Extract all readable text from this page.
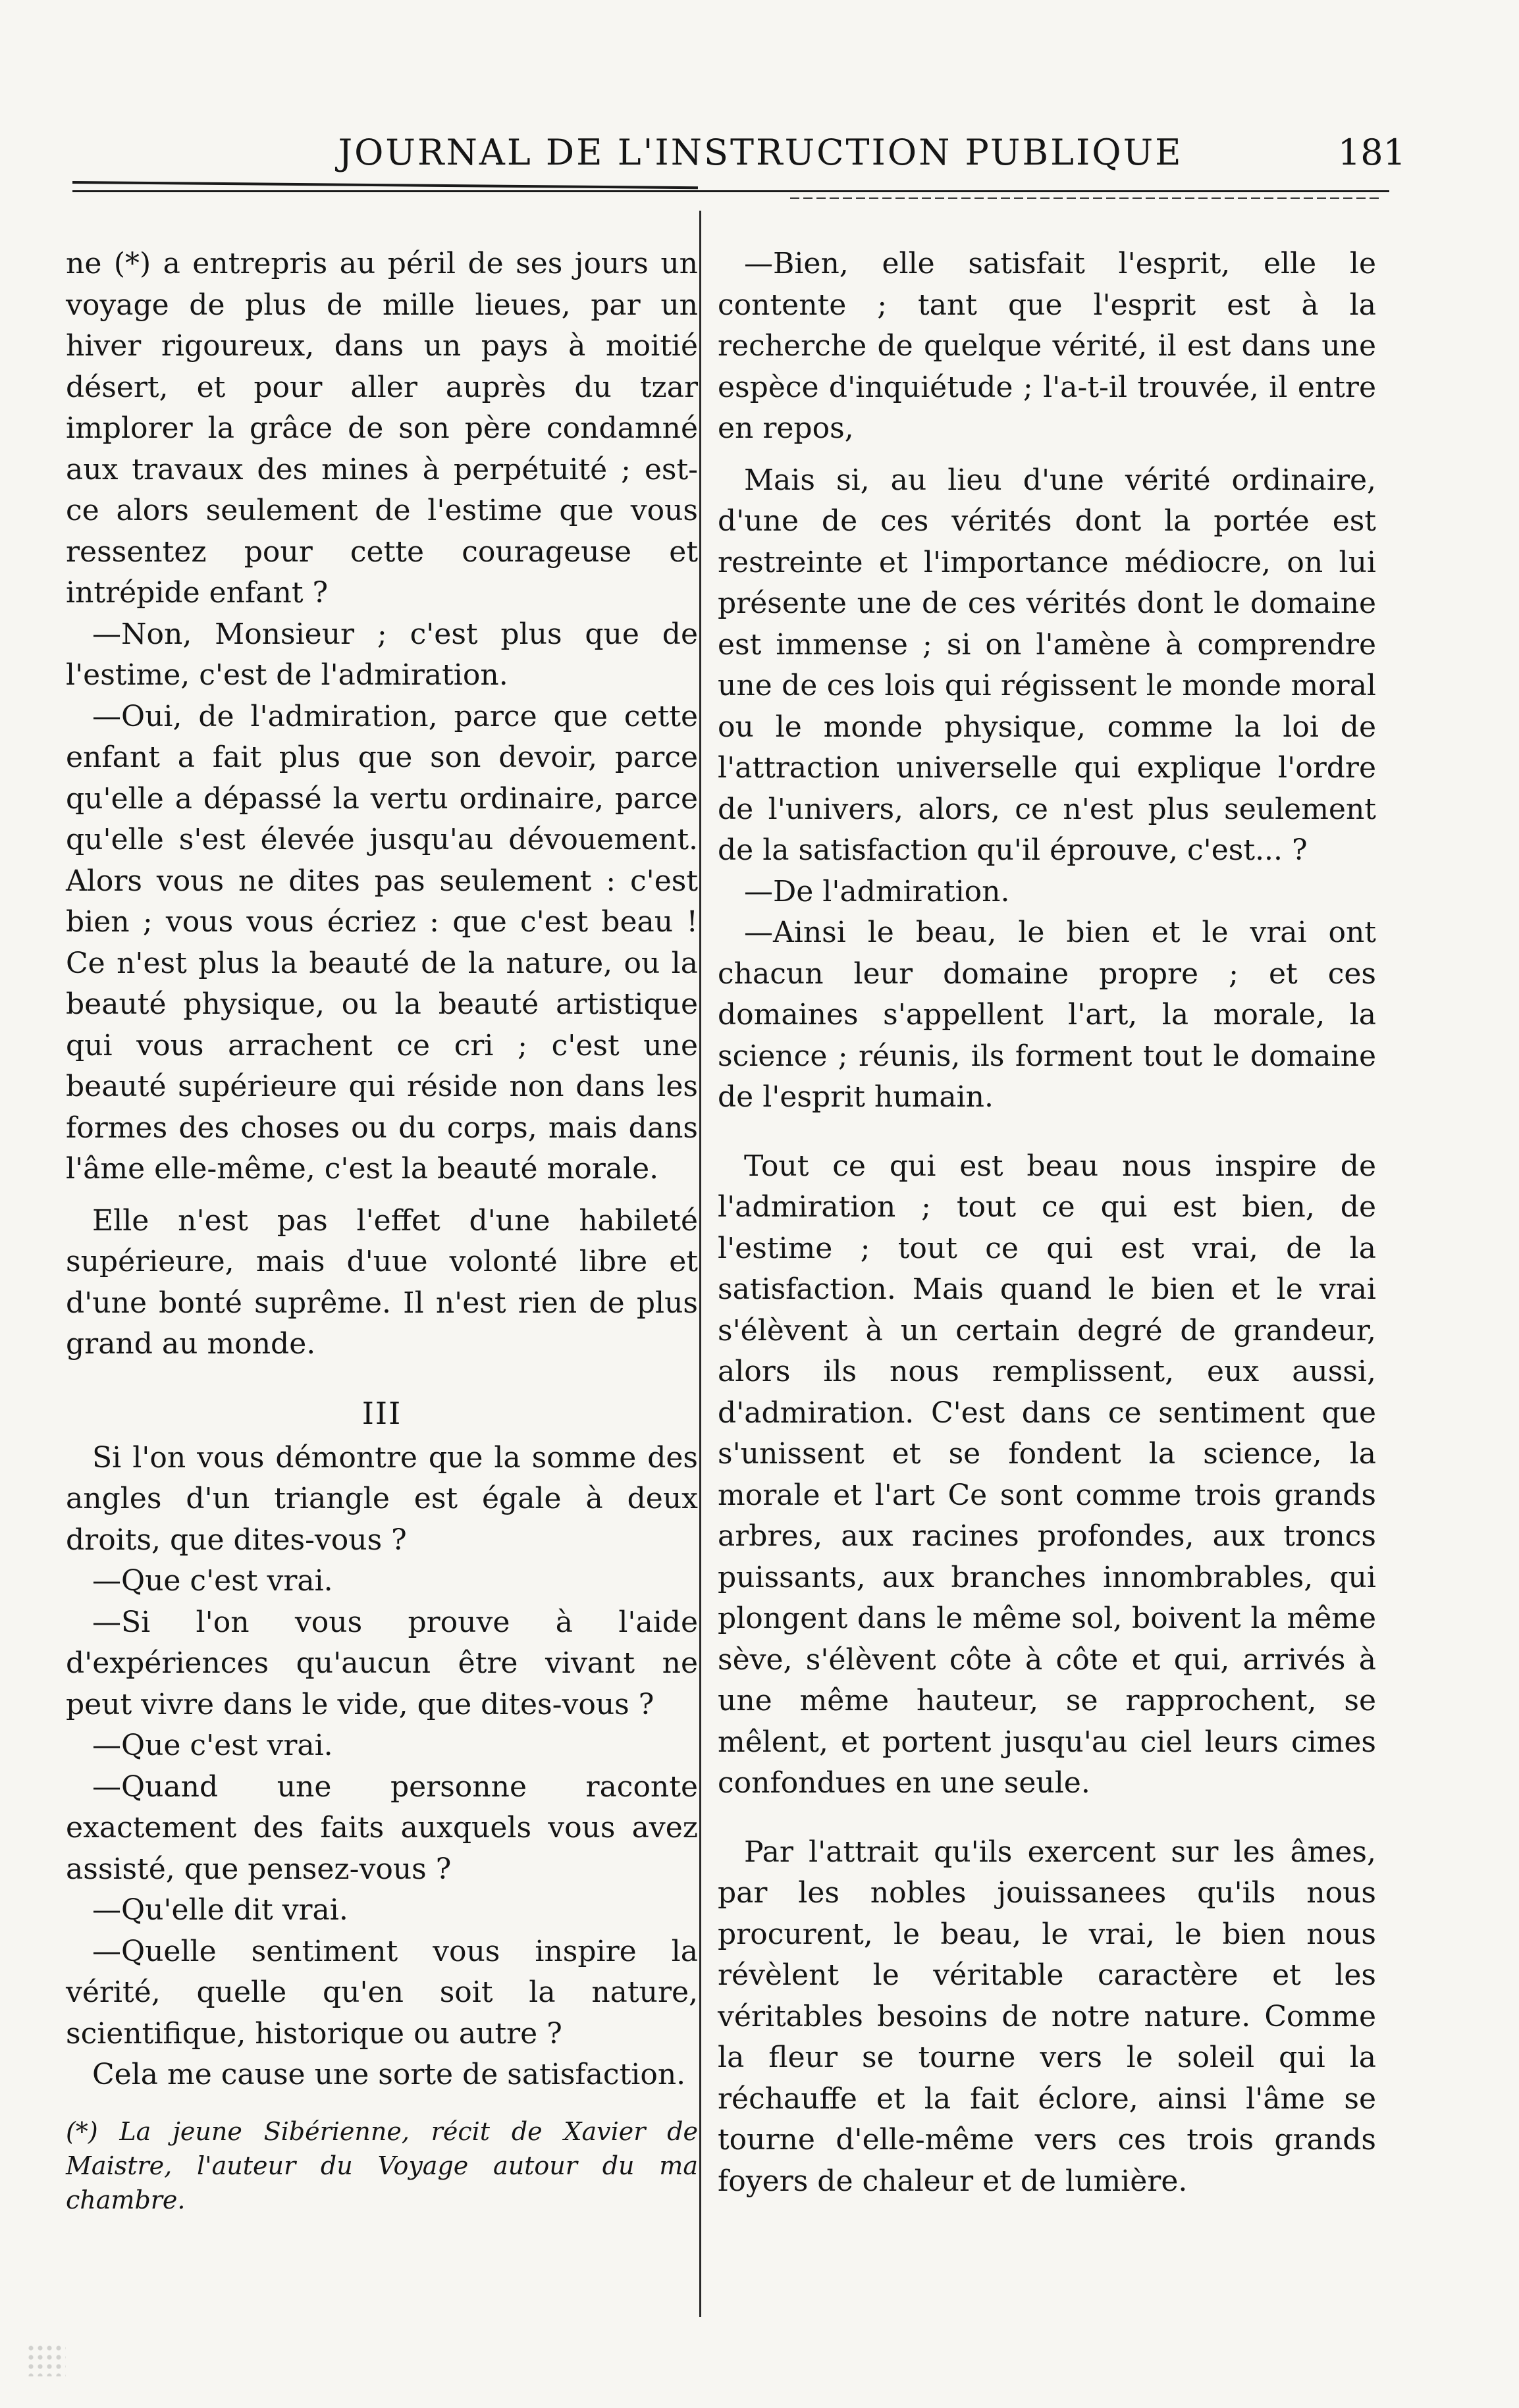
JOURNAL DE L'INSTRUCTION PUBLIQUE	181

ne (*) a entrepris au péril de ses jours un voyage de plus de mille lieues, par un hiver rigoureux, dans un pays à moitié désert, et pour aller auprès du tzar implorer la grâce de son père condamné aux travaux des mines à perpétuité ; est-ce alors seulement de l'estime que vous ressentez pour cette courageuse et intrépide enfant ?

—Non, Monsieur ; c'est plus que de l'estime, c'est de l'admiration.

—Oui, de l'admiration, parce que cette enfant a fait plus que son devoir, parce qu'elle a dépassé la vertu ordinaire, parce qu'elle s'est élevée jusqu'au dévouement. Alors vous ne dites pas seulement : c'est bien ; vous vous écriez : que c'est beau ! Ce n'est plus la beauté de la nature, ou la beauté physique, ou la beauté artistique qui vous arrachent ce cri ; c'est une beauté supérieure qui réside non dans les formes des choses ou du corps, mais dans l'âme elle-même, c'est la beauté morale.

Elle n'est pas l'effet d'une habileté supérieure, mais d'uue volonté libre et d'une bonté suprême. Il n'est rien de plus grand au monde.

III

Si l'on vous démontre que la somme des angles d'un triangle est égale à deux droits, que dites-vous ?

—Que c'est vrai.

—Si l'on vous prouve à l'aide d'expériences qu'aucun être vivant ne peut vivre dans le vide, que dites-vous ?

—Que c'est vrai.

—Quand une personne raconte exactement des faits auxquels vous avez assisté, que pensez-vous ?

—Qu'elle dit vrai.

—Quelle sentiment vous inspire la vérité, quelle qu'en soit la nature, scientifique, historique ou autre ?

Cela me cause une sorte de satisfaction.

(*) La jeune Sibérienne, récit de Xavier de Maistre, l'auteur du Voyage autour du ma chambre.

—Bien, elle satisfait l'esprit, elle le contente ; tant que l'esprit est à la recherche de quelque vérité, il est dans une espèce d'inquiétude ; l'a-t-il trouvée, il entre en repos,

Mais si, au lieu d'une vérité ordinaire, d'une de ces vérités dont la portée est restreinte et l'importance médiocre, on lui présente une de ces vérités dont le domaine est immense ; si on l'amène à comprendre une de ces lois qui régissent le monde moral ou le monde physique, comme la loi de l'attraction universelle qui explique l'ordre de l'univers, alors, ce n'est plus seulement de la satisfaction qu'il éprouve, c'est... ?

—De l'admiration.

—Ainsi le beau, le bien et le vrai ont chacun leur domaine propre ; et ces domaines s'appellent l'art, la morale, la science ; réunis, ils forment tout le domaine de l'esprit humain.

Tout ce qui est beau nous inspire de l'admiration ; tout ce qui est bien, de l'estime ; tout ce qui est vrai, de la satisfaction. Mais quand le bien et le vrai s'élèvent à un certain degré de grandeur, alors ils nous remplissent, eux aussi, d'admiration. C'est dans ce sentiment que s'unissent et se fondent la science, la morale et l'art Ce sont comme trois grands arbres, aux racines profondes, aux troncs puissants, aux branches innombrables, qui plongent dans le même sol, boivent la même sève, s'élèvent côte à côte et qui, arrivés à une même hauteur, se rapprochent, se mêlent, et portent jusqu'au ciel leurs cimes confondues en une seule.

Par l'attrait qu'ils exercent sur les âmes, par les nobles jouissanees qu'ils nous procurent, le beau, le vrai, le bien nous révèlent le véritable caractère et les véritables besoins de notre nature. Comme la fleur se tourne vers le soleil qui la réchauffe et la fait éclore, ainsi l'âme se tourne d'elle-même vers ces trois grands foyers de chaleur et de lumière.
